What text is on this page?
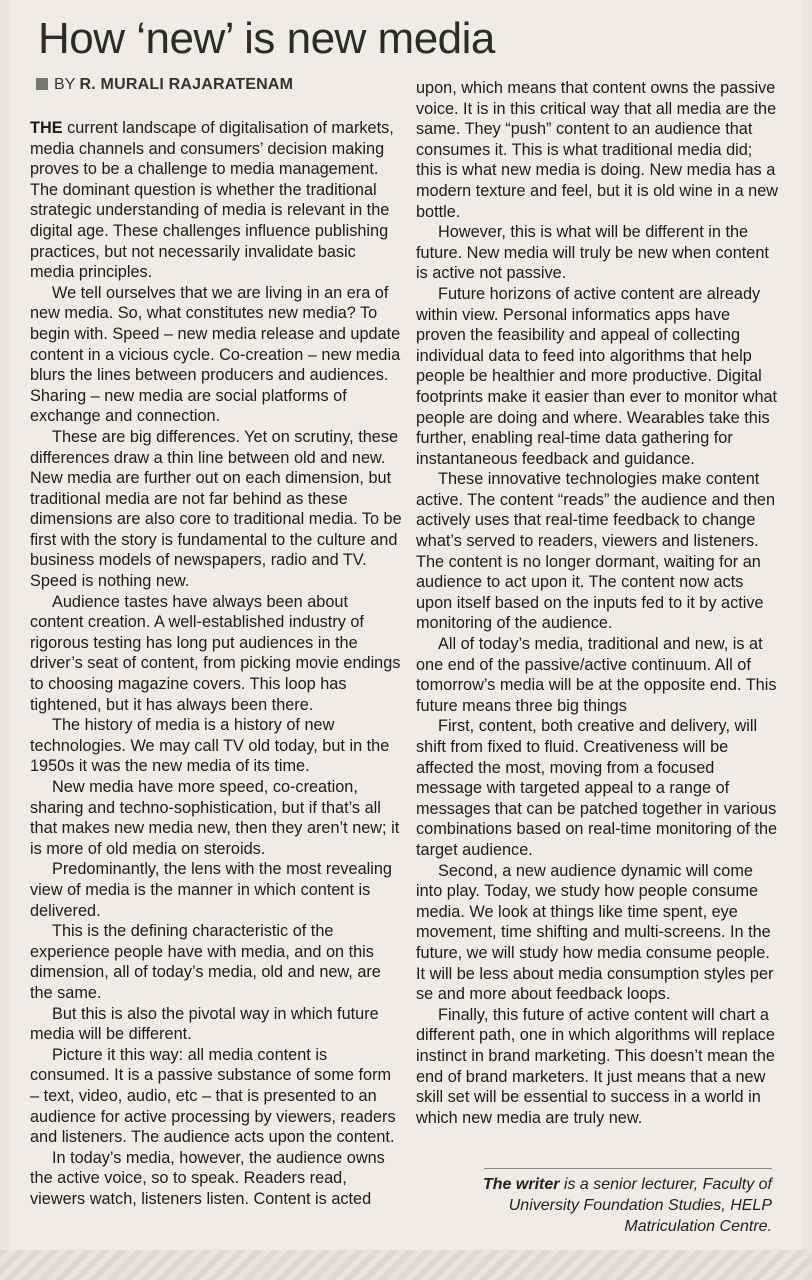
How ‘new’ is new media
BY R. MURALI RAJARATENAM

THE current landscape of digitalisation of markets, media channels and consumers’ decision making proves to be a challenge to media management. The dominant question is whether the traditional strategic understanding of media is relevant in the digital age. These challenges influence publishing practices, but not necessarily invalidate basic media principles.

We tell ourselves that we are living in an era of new media. So, what constitutes new media? To begin with. Speed – new media release and update content in a vicious cycle. Co-creation – new media blurs the lines between producers and audiences. Sharing – new media are social platforms of exchange and connection.

These are big differences. Yet on scrutiny, these differences draw a thin line between old and new. New media are further out on each dimension, but traditional media are not far behind as these dimensions are also core to traditional media. To be first with the story is fundamental to the culture and business models of newspapers, radio and TV. Speed is nothing new.

Audience tastes have always been about content creation. A well-established industry of rigorous testing has long put audiences in the driver’s seat of content, from picking movie endings to choosing magazine covers. This loop has tightened, but it has always been there.

The history of media is a history of new technologies. We may call TV old today, but in the 1950s it was the new media of its time.

New media have more speed, co-creation, sharing and techno-sophistication, but if that’s all that makes new media new, then they aren’t new; it is more of old media on steroids.

Predominantly, the lens with the most revealing view of media is the manner in which content is delivered.

This is the defining characteristic of the experience people have with media, and on this dimension, all of today’s media, old and new, are the same.

But this is also the pivotal way in which future media will be different.

Picture it this way: all media content is consumed. It is a passive substance of some form – text, video, audio, etc – that is presented to an audience for active processing by viewers, readers and listeners. The audience acts upon the content.

In today’s media, however, the audience owns the active voice, so to speak. Readers read, viewers watch, listeners listen. Content is acted

upon, which means that content owns the passive voice. It is in this critical way that all media are the same. They “push” content to an audience that consumes it. This is what traditional media did; this is what new media is doing. New media has a modern texture and feel, but it is old wine in a new bottle.

However, this is what will be different in the future. New media will truly be new when content is active not passive.

Future horizons of active content are already within view. Personal informatics apps have proven the feasibility and appeal of collecting individual data to feed into algorithms that help people be healthier and more productive. Digital footprints make it easier than ever to monitor what people are doing and where. Wearables take this further, enabling real-time data gathering for instantaneous feedback and guidance.

These innovative technologies make content active. The content “reads” the audience and then actively uses that real-time feedback to change what’s served to readers, viewers and listeners. The content is no longer dormant, waiting for an audience to act upon it. The content now acts upon itself based on the inputs fed to it by active monitoring of the audience.

All of today’s media, traditional and new, is at one end of the passive/active continuum. All of tomorrow’s media will be at the opposite end. This future means three big things

First, content, both creative and delivery, will shift from fixed to fluid. Creativeness will be affected the most, moving from a focused message with targeted appeal to a range of messages that can be patched together in various combinations based on real-time monitoring of the target audience.

Second, a new audience dynamic will come into play. Today, we study how people consume media. We look at things like time spent, eye movement, time shifting and multi-screens. In the future, we will study how media consume people. It will be less about media consumption styles per se and more about feedback loops.

Finally, this future of active content will chart a different path, one in which algorithms will replace instinct in brand marketing. This doesn’t mean the end of brand marketers. It just means that a new skill set will be essential to success in a world in which new media are truly new.

The writer is a senior lecturer, Faculty of University Foundation Studies, HELP Matriculation Centre.
